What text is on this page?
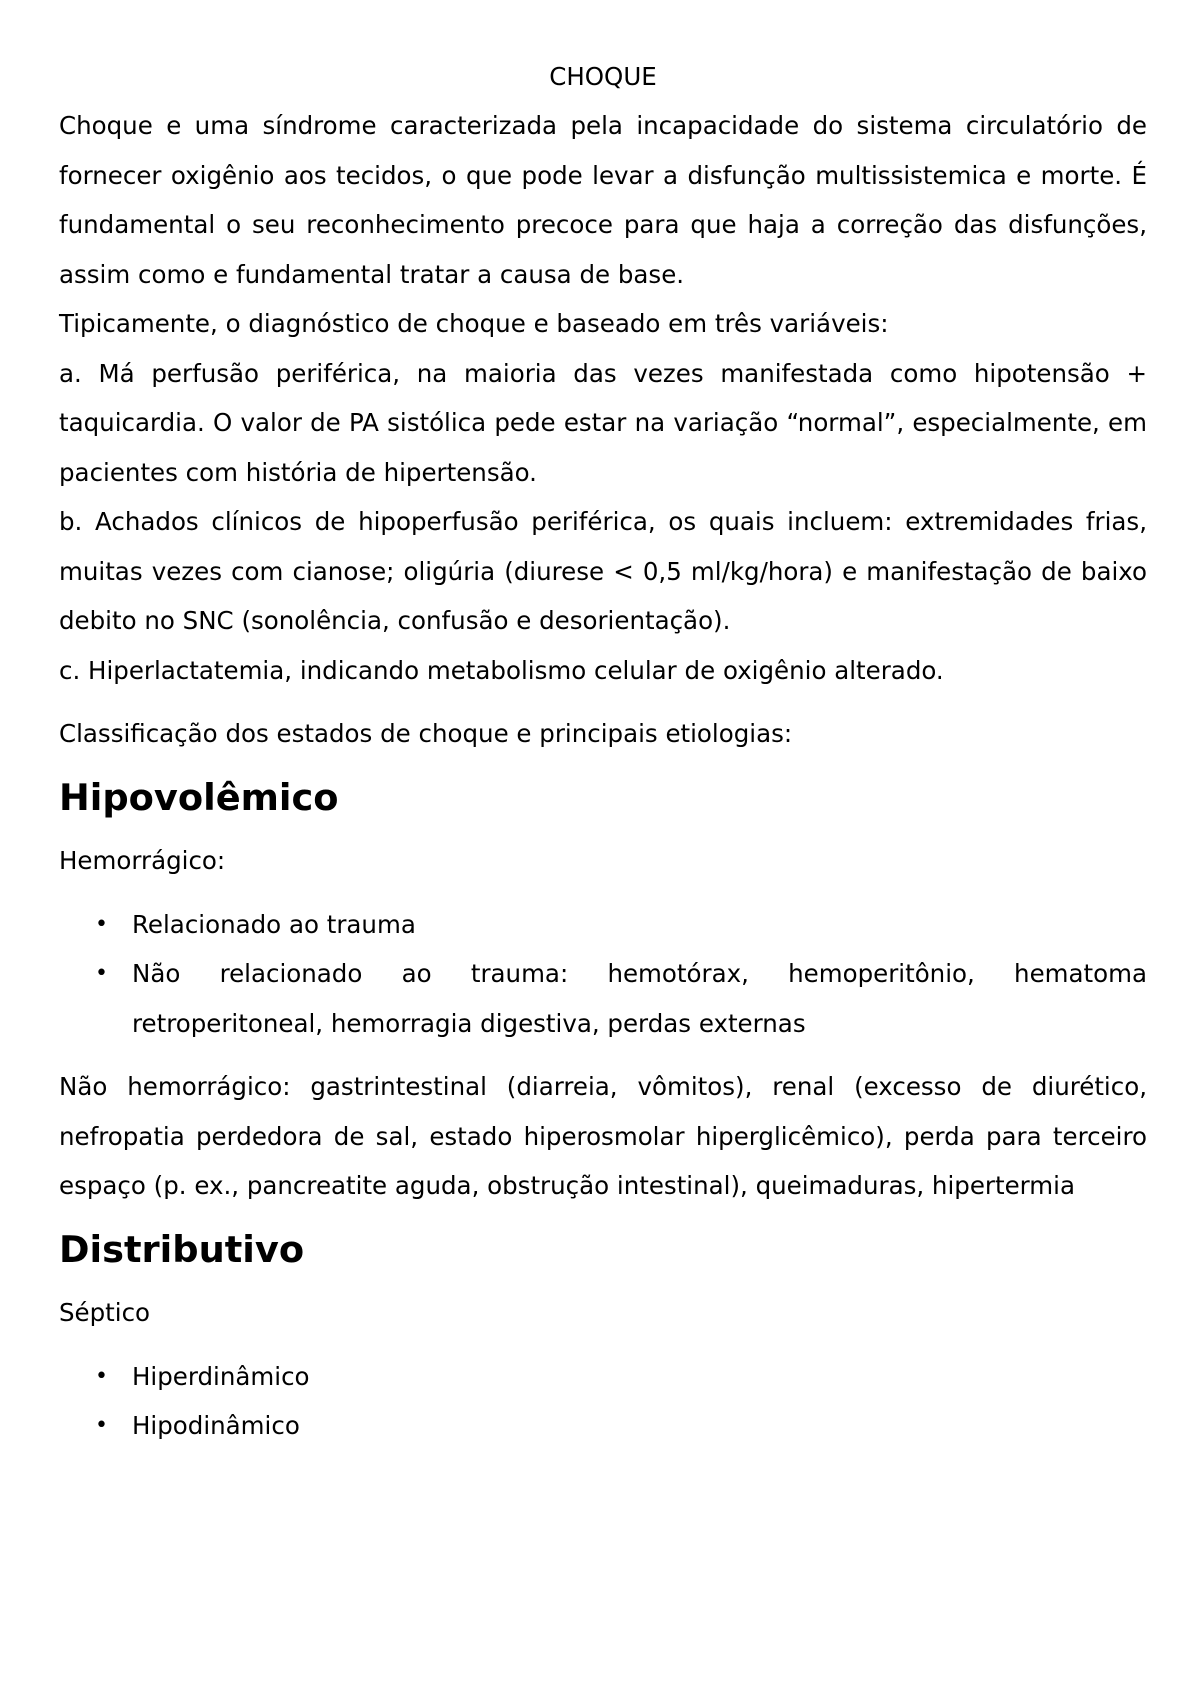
CHOQUE

Choque e uma síndrome caracterizada pela incapacidade do sistema circulatório de fornecer oxigênio aos tecidos, o que pode levar a disfunção multissistemica e morte. É fundamental o seu reconhecimento precoce para que haja a correção das disfunções, assim como e fundamental tratar a causa de base.

Tipicamente, o diagnóstico de choque e baseado em três variáveis:

a. Má perfusão periférica, na maioria das vezes manifestada como hipotensão + taquicardia. O valor de PA sistólica pede estar na variação “normal”, especialmente, em pacientes com história de hipertensão.

b. Achados clínicos de hipoperfusão periférica, os quais incluem: extremidades frias, muitas vezes com cianose; oligúria (diurese < 0,5 ml/kg/hora) e manifestação de baixo debito no SNC (sonolência, confusão e desorientação).

c. Hiperlactatemia, indicando metabolismo celular de oxigênio alterado.

Classificação dos estados de choque e principais etiologias:

Hipovolêmico

Hemorrágico:

• Relacionado ao trauma
• Não relacionado ao trauma: hemotórax, hemoperitônio, hematoma retroperitoneal, hemorragia digestiva, perdas externas

Não hemorrágico: gastrintestinal (diarreia, vômitos), renal (excesso de diurético, nefropatia perdedora de sal, estado hiperosmolar hiperglicêmico), perda para terceiro espaço (p. ex., pancreatite aguda, obstrução intestinal), queimaduras, hipertermia

Distributivo

Séptico

• Hiperdinâmico
• Hipodinâmico
